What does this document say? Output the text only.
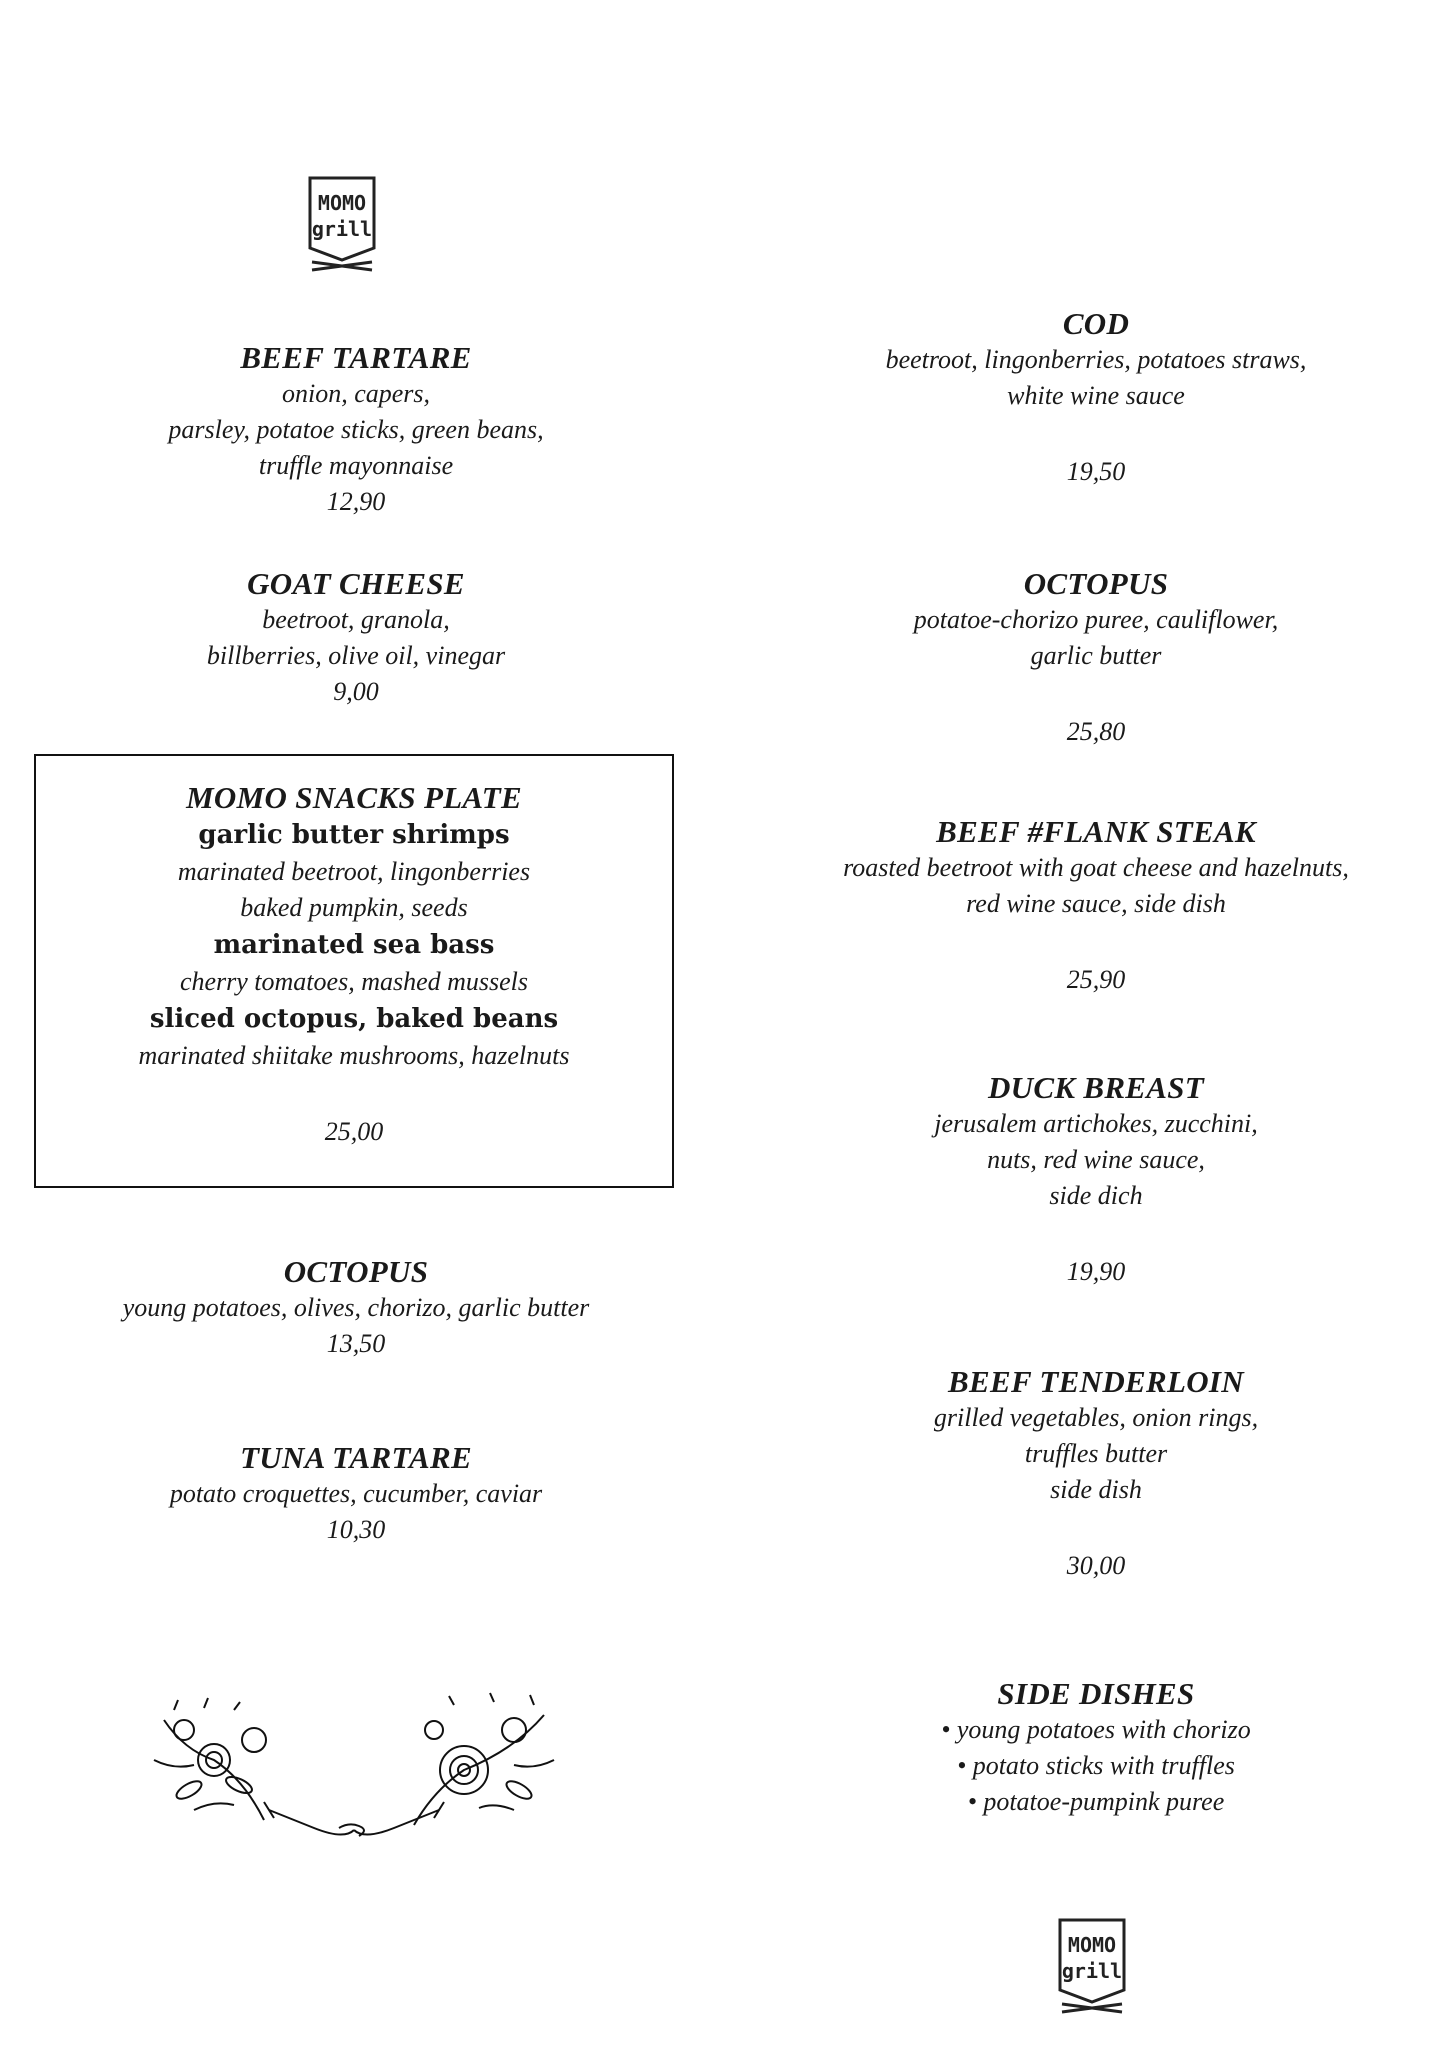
MOMO
grill
BEEF TARTARE
onion, capers,
parsley, potatoe sticks, green beans,
truffle mayonnaise
12,90
GOAT CHEESE
beetroot, granola,
billberries, olive oil, vinegar
9,00
OCTOPUS
young potatoes, olives, chorizo, garlic butter
13,50
TUNA TARTARE
potato croquettes, cucumber, caviar
10,30
MOMO SNACKS PLATE
garlic butter shrimps
marinated beetroot, lingonberries
baked pumpkin, seeds
marinated sea bass
cherry tomatoes, mashed mussels
sliced octopus, baked beans
marinated shiitake mushrooms, hazelnuts
25,00
COD
beetroot, lingonberries, potatoes straws,
white wine sauce
19,50
OCTOPUS
potatoe-chorizo puree, cauliflower,
garlic butter
25,80
BEEF #FLANK STEAK
roasted beetroot with goat cheese and hazelnuts,
red wine sauce, side dish
25,90
DUCK BREAST
jerusalem artichokes, zucchini,
nuts, red wine sauce,
side dich
19,90
BEEF TENDERLOIN
grilled vegetables, onion rings,
truffles butter
side dish
30,00
SIDE DISHES
• young potatoes with chorizo
• potato sticks with truffles
• potatoe-pumpink puree
MOMO
grill
